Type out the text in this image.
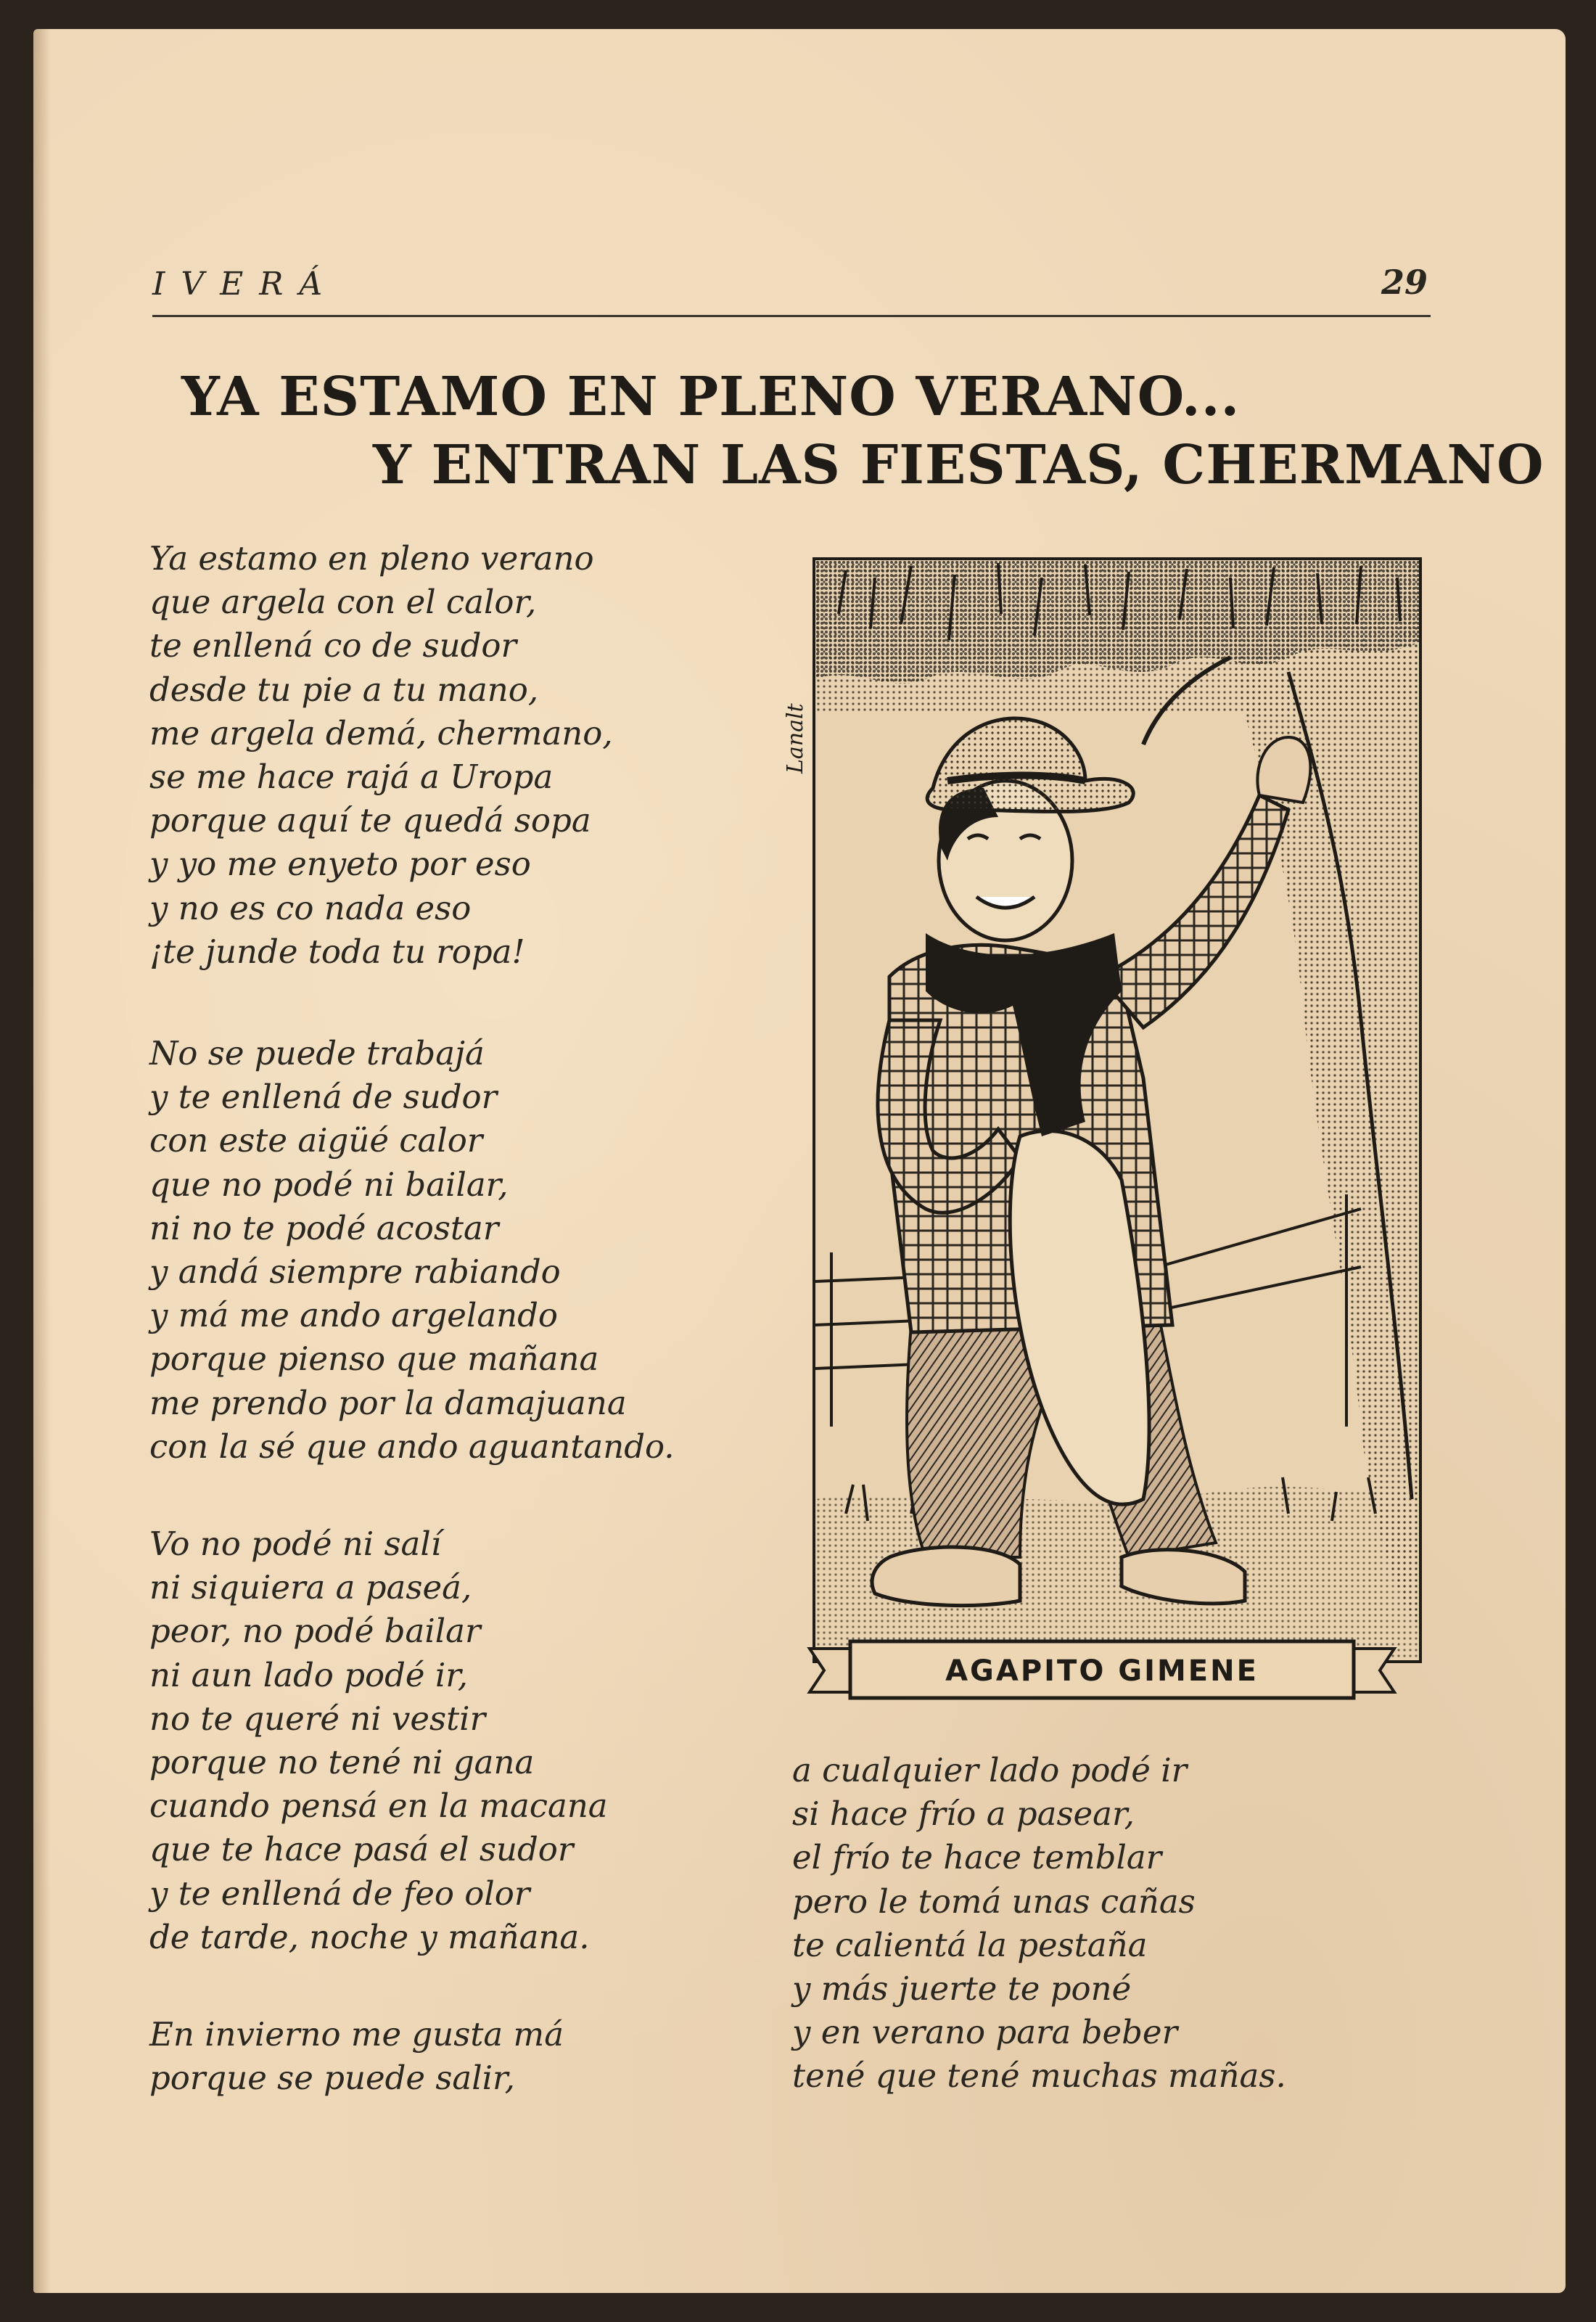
IVERÁ	29
YA ESTAMO EN PLENO VERANO...
Y ENTRAN LAS FIESTAS, CHERMANO
Ya estamo en pleno verano
que argela con el calor,
te enllená co de sudor
desde tu pie a tu mano,
me argela demá, chermano,
se me hace rajá a Uropa
porque aquí te quedá sopa
y yo me enyeto por eso
y no es co nada eso
¡te junde toda tu ropa!
No se puede trabajá
y te enllená de sudor
con este aigüé calor
que no podé ni bailar,
ni no te podé acostar
y andá siempre rabiando
y má me ando argelando
porque pienso que mañana
me prendo por la damajuana
con la sé que ando aguantando.
Vo no podé ni salí
ni siquiera a paseá,
peor, no podé bailar
ni aun lado podé ir,
no te queré ni vestir
porque no tené ni gana
cuando pensá en la macana
que te hace pasá el sudor
y te enllená de feo olor
de tarde, noche y mañana.
En invierno me gusta má
porque se puede salir,
a cualquier lado podé ir
si hace frío a pasear,
el frío te hace temblar
pero le tomá unas cañas
te calientá la pestaña
y más juerte te poné
y en verano para beber
tené que tené muchas mañas.
Lanalt
AGAPITO GIMENE
